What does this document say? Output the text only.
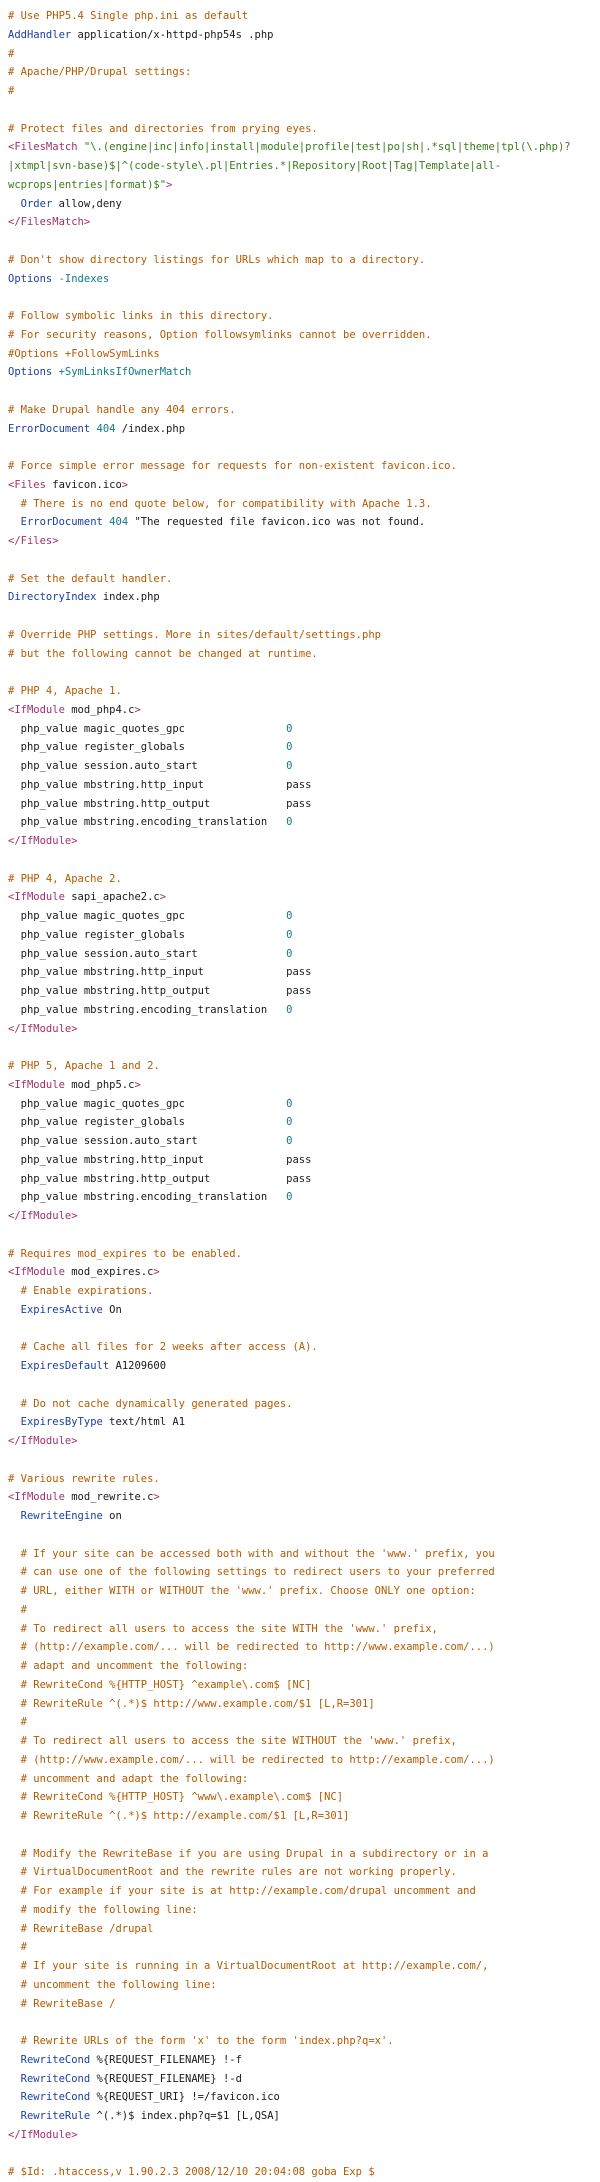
# Use PHP5.4 Single php.ini as default
AddHandler application/x-httpd-php54s .php
#
# Apache/PHP/Drupal settings:
#
# Protect files and directories from prying eyes.
<FilesMatch "\.(engine|inc|info|install|module|profile|test|po|sh|.*sql|theme|tpl(\.php)?
|xtmpl|svn-base)$|^(code-style\.pl|Entries.*|Repository|Root|Tag|Template|all-
wcprops|entries|format)$">
Order allow,deny
</FilesMatch>
# Don't show directory listings for URLs which map to a directory.
Options -Indexes
# Follow symbolic links in this directory.
# For security reasons, Option followsymlinks cannot be overridden.
#Options +FollowSymLinks
Options +SymLinksIfOwnerMatch
# Make Drupal handle any 404 errors.
ErrorDocument 404 /index.php
# Force simple error message for requests for non-existent favicon.ico.
<Files favicon.ico>
# There is no end quote below, for compatibility with Apache 1.3.
ErrorDocument 404 "The requested file favicon.ico was not found.
</Files>
# Set the default handler.
DirectoryIndex index.php
# Override PHP settings. More in sites/default/settings.php
# but the following cannot be changed at runtime.
# PHP 4, Apache 1.
<IfModule mod_php4.c>
php_value magic_quotes_gpc                0
php_value register_globals                0
php_value session.auto_start              0
php_value mbstring.http_input             pass
php_value mbstring.http_output            pass
php_value mbstring.encoding_translation   0
</IfModule>
# PHP 4, Apache 2.
<IfModule sapi_apache2.c>
php_value magic_quotes_gpc                0
php_value register_globals                0
php_value session.auto_start              0
php_value mbstring.http_input             pass
php_value mbstring.http_output            pass
php_value mbstring.encoding_translation   0
</IfModule>
# PHP 5, Apache 1 and 2.
<IfModule mod_php5.c>
php_value magic_quotes_gpc                0
php_value register_globals                0
php_value session.auto_start              0
php_value mbstring.http_input             pass
php_value mbstring.http_output            pass
php_value mbstring.encoding_translation   0
</IfModule>
# Requires mod_expires to be enabled.
<IfModule mod_expires.c>
# Enable expirations.
ExpiresActive On
# Cache all files for 2 weeks after access (A).
ExpiresDefault A1209600
# Do not cache dynamically generated pages.
ExpiresByType text/html A1
</IfModule>
# Various rewrite rules.
<IfModule mod_rewrite.c>
RewriteEngine on
# If your site can be accessed both with and without the 'www.' prefix, you
# can use one of the following settings to redirect users to your preferred
# URL, either WITH or WITHOUT the 'www.' prefix. Choose ONLY one option:
#
# To redirect all users to access the site WITH the 'www.' prefix,
# (http://example.com/... will be redirected to http://www.example.com/...)
# adapt and uncomment the following:
# RewriteCond %{HTTP_HOST} ^example\.com$ [NC]
# RewriteRule ^(.*)$ http://www.example.com/$1 [L,R=301]
#
# To redirect all users to access the site WITHOUT the 'www.' prefix,
# (http://www.example.com/... will be redirected to http://example.com/...)
# uncomment and adapt the following:
# RewriteCond %{HTTP_HOST} ^www\.example\.com$ [NC]
# RewriteRule ^(.*)$ http://example.com/$1 [L,R=301]
# Modify the RewriteBase if you are using Drupal in a subdirectory or in a
# VirtualDocumentRoot and the rewrite rules are not working properly.
# For example if your site is at http://example.com/drupal uncomment and
# modify the following line:
# RewriteBase /drupal
#
# If your site is running in a VirtualDocumentRoot at http://example.com/,
# uncomment the following line:
# RewriteBase /
# Rewrite URLs of the form 'x' to the form 'index.php?q=x'.
RewriteCond %{REQUEST_FILENAME} !-f
RewriteCond %{REQUEST_FILENAME} !-d
RewriteCond %{REQUEST_URI} !=/favicon.ico
RewriteRule ^(.*)$ index.php?q=$1 [L,QSA]
</IfModule>
# $Id: .htaccess,v 1.90.2.3 2008/12/10 20:04:08 goba Exp $
